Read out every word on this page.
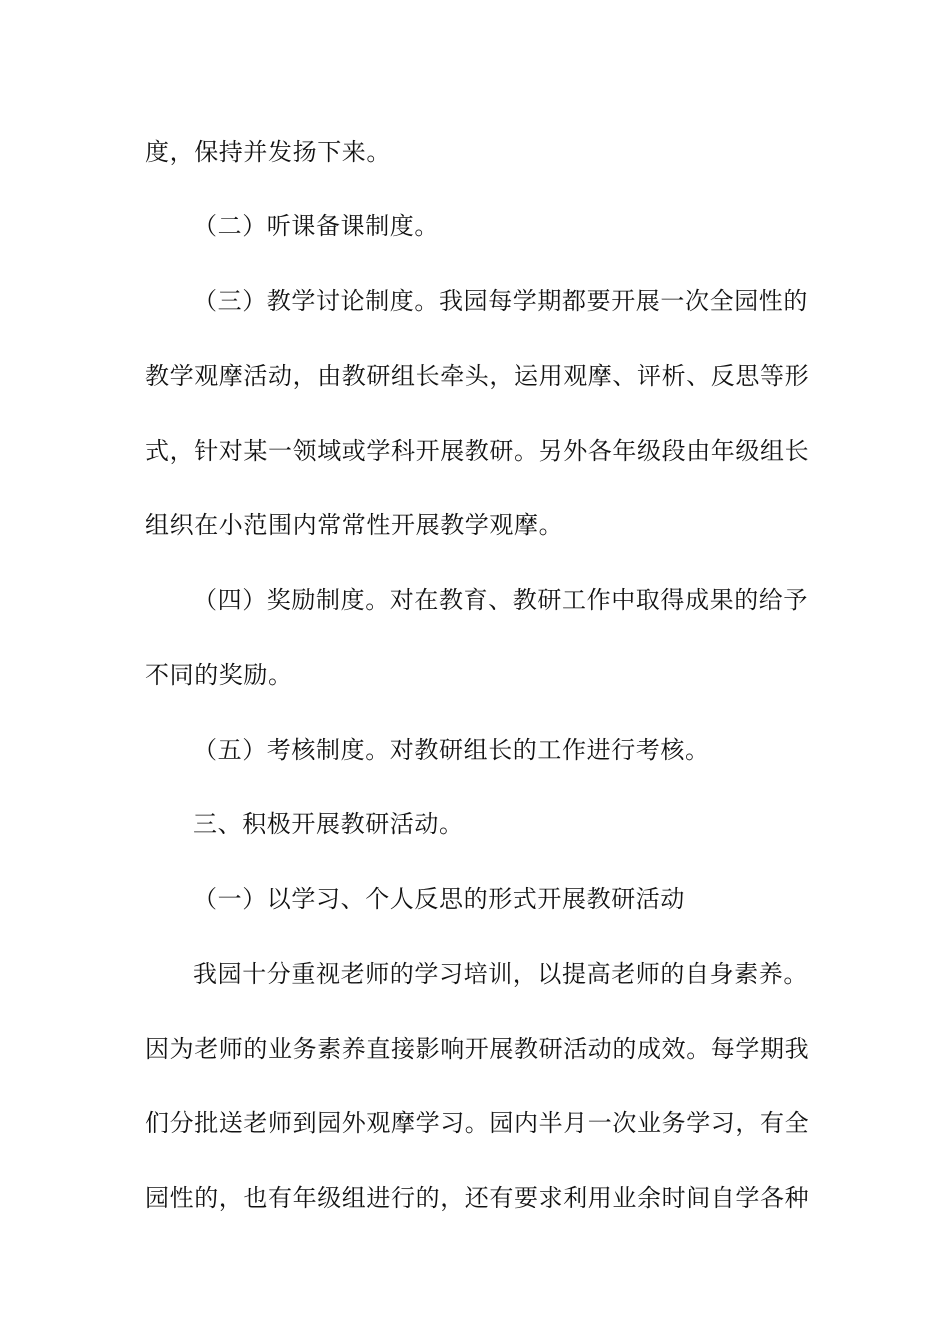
度，保持并发扬下来。
（二）听课备课制度。
（三）教学讨论制度。我园每学期都要开展一次全园性的
教学观摩活动，由教研组长牵头，运用观摩、评析、反思等形
式，针对某一领域或学科开展教研。另外各年级段由年级组长
组织在小范围内常常性开展教学观摩。
（四）奖励制度。对在教育、教研工作中取得成果的给予
不同的奖励。
（五）考核制度。对教研组长的工作进行考核。
三、积极开展教研活动。
（一）以学习、个人反思的形式开展教研活动
我园十分重视老师的学习培训，以提高老师的自身素养。
因为老师的业务素养直接影响开展教研活动的成效。每学期我
们分批送老师到园外观摩学习。园内半月一次业务学习，有全
园性的，也有年级组进行的，还有要求利用业余时间自学各种
